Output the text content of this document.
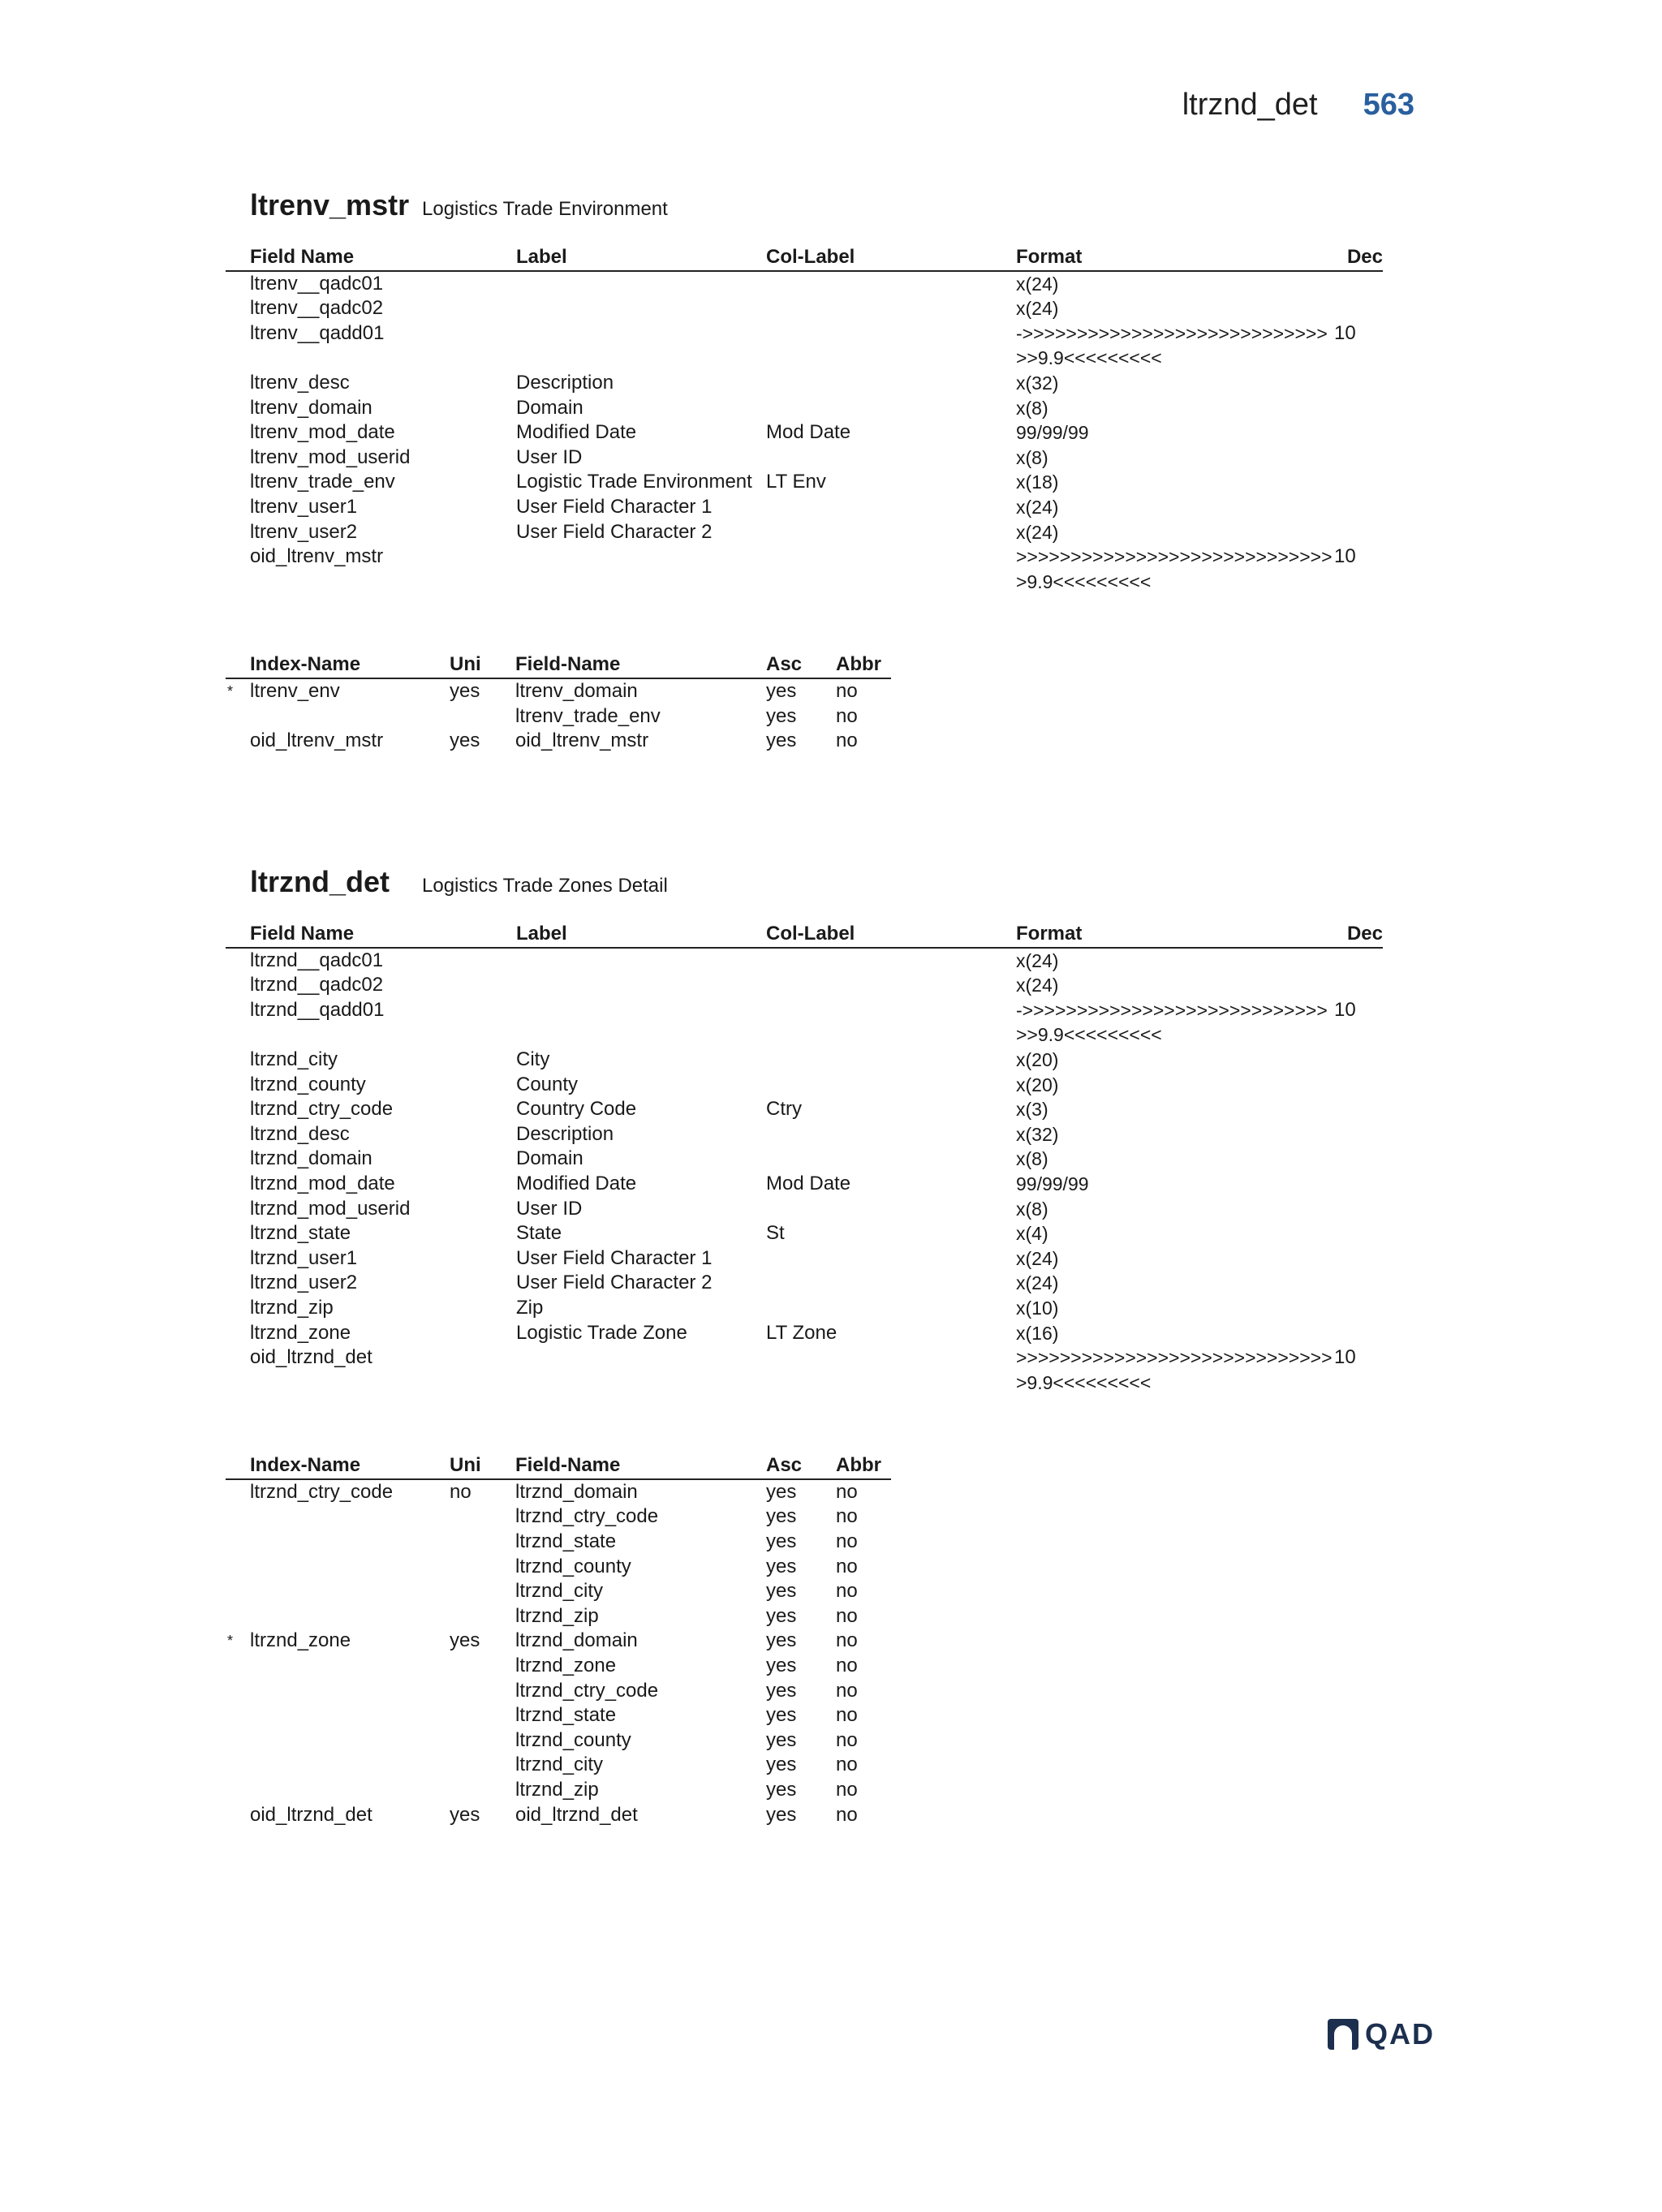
ltrznd_det 563
ltrenv_mstr Logistics Trade Environment
	Field Name	Label	Col-Label	Format	Dec
	ltrenv__qadc01			x(24)	
	ltrenv__qadc02			x(24)	
	ltrenv__qadd01			->>>>>>>>>>>>>>>>>>>>>>>>>>>>>>9.9<<<<<<<<<	10
	ltrenv_desc	Description		x(32)	
	ltrenv_domain	Domain		x(8)	
	ltrenv_mod_date	Modified Date	Mod Date	99/99/99	
	ltrenv_mod_userid	User ID		x(8)	
	ltrenv_trade_env	Logistic Trade Environment	LT Env	x(18)	
	ltrenv_user1	User Field Character 1		x(24)	
	ltrenv_user2	User Field Character 2		x(24)	
	oid_ltrenv_mstr			>>>>>>>>>>>>>>>>>>>>>>>>>>>>>>9.9<<<<<<<<<	10
	Index-Name	Uni	Field-Name	Asc	Abbr
*	ltrenv_env	yes	ltrenv_domain	yes	no
			ltrenv_trade_env	yes	no
	oid_ltrenv_mstr	yes	oid_ltrenv_mstr	yes	no
ltrznd_det	Logistics Trade Zones Detail
	Field Name	Label	Col-Label	Format	Dec
	ltrznd__qadc01			x(24)	
	ltrznd__qadc02			x(24)	
	ltrznd__qadd01			->>>>>>>>>>>>>>>>>>>>>>>>>>>>>>9.9<<<<<<<<<	10
	ltrznd_city	City		x(20)	
	ltrznd_county	County		x(20)	
	ltrznd_ctry_code	Country Code	Ctry	x(3)	
	ltrznd_desc	Description		x(32)	
	ltrznd_domain	Domain		x(8)	
	ltrznd_mod_date	Modified Date	Mod Date	99/99/99	
	ltrznd_mod_userid	User ID		x(8)	
	ltrznd_state	State	St	x(4)	
	ltrznd_user1	User Field Character 1		x(24)	
	ltrznd_user2	User Field Character 2		x(24)	
	ltrznd_zip	Zip		x(10)	
	ltrznd_zone	Logistic Trade Zone	LT Zone	x(16)	
	oid_ltrznd_det			>>>>>>>>>>>>>>>>>>>>>>>>>>>>>>9.9<<<<<<<<<	10
	Index-Name	Uni	Field-Name	Asc	Abbr
	ltrznd_ctry_code	no	ltrznd_domain	yes	no
			ltrznd_ctry_code	yes	no
			ltrznd_state	yes	no
			ltrznd_county	yes	no
			ltrznd_city	yes	no
			ltrznd_zip	yes	no
*	ltrznd_zone	yes	ltrznd_domain	yes	no
			ltrznd_zone	yes	no
			ltrznd_ctry_code	yes	no
			ltrznd_state	yes	no
			ltrznd_county	yes	no
			ltrznd_city	yes	no
			ltrznd_zip	yes	no
	oid_ltrznd_det	yes	oid_ltrznd_det	yes	no
QAD
